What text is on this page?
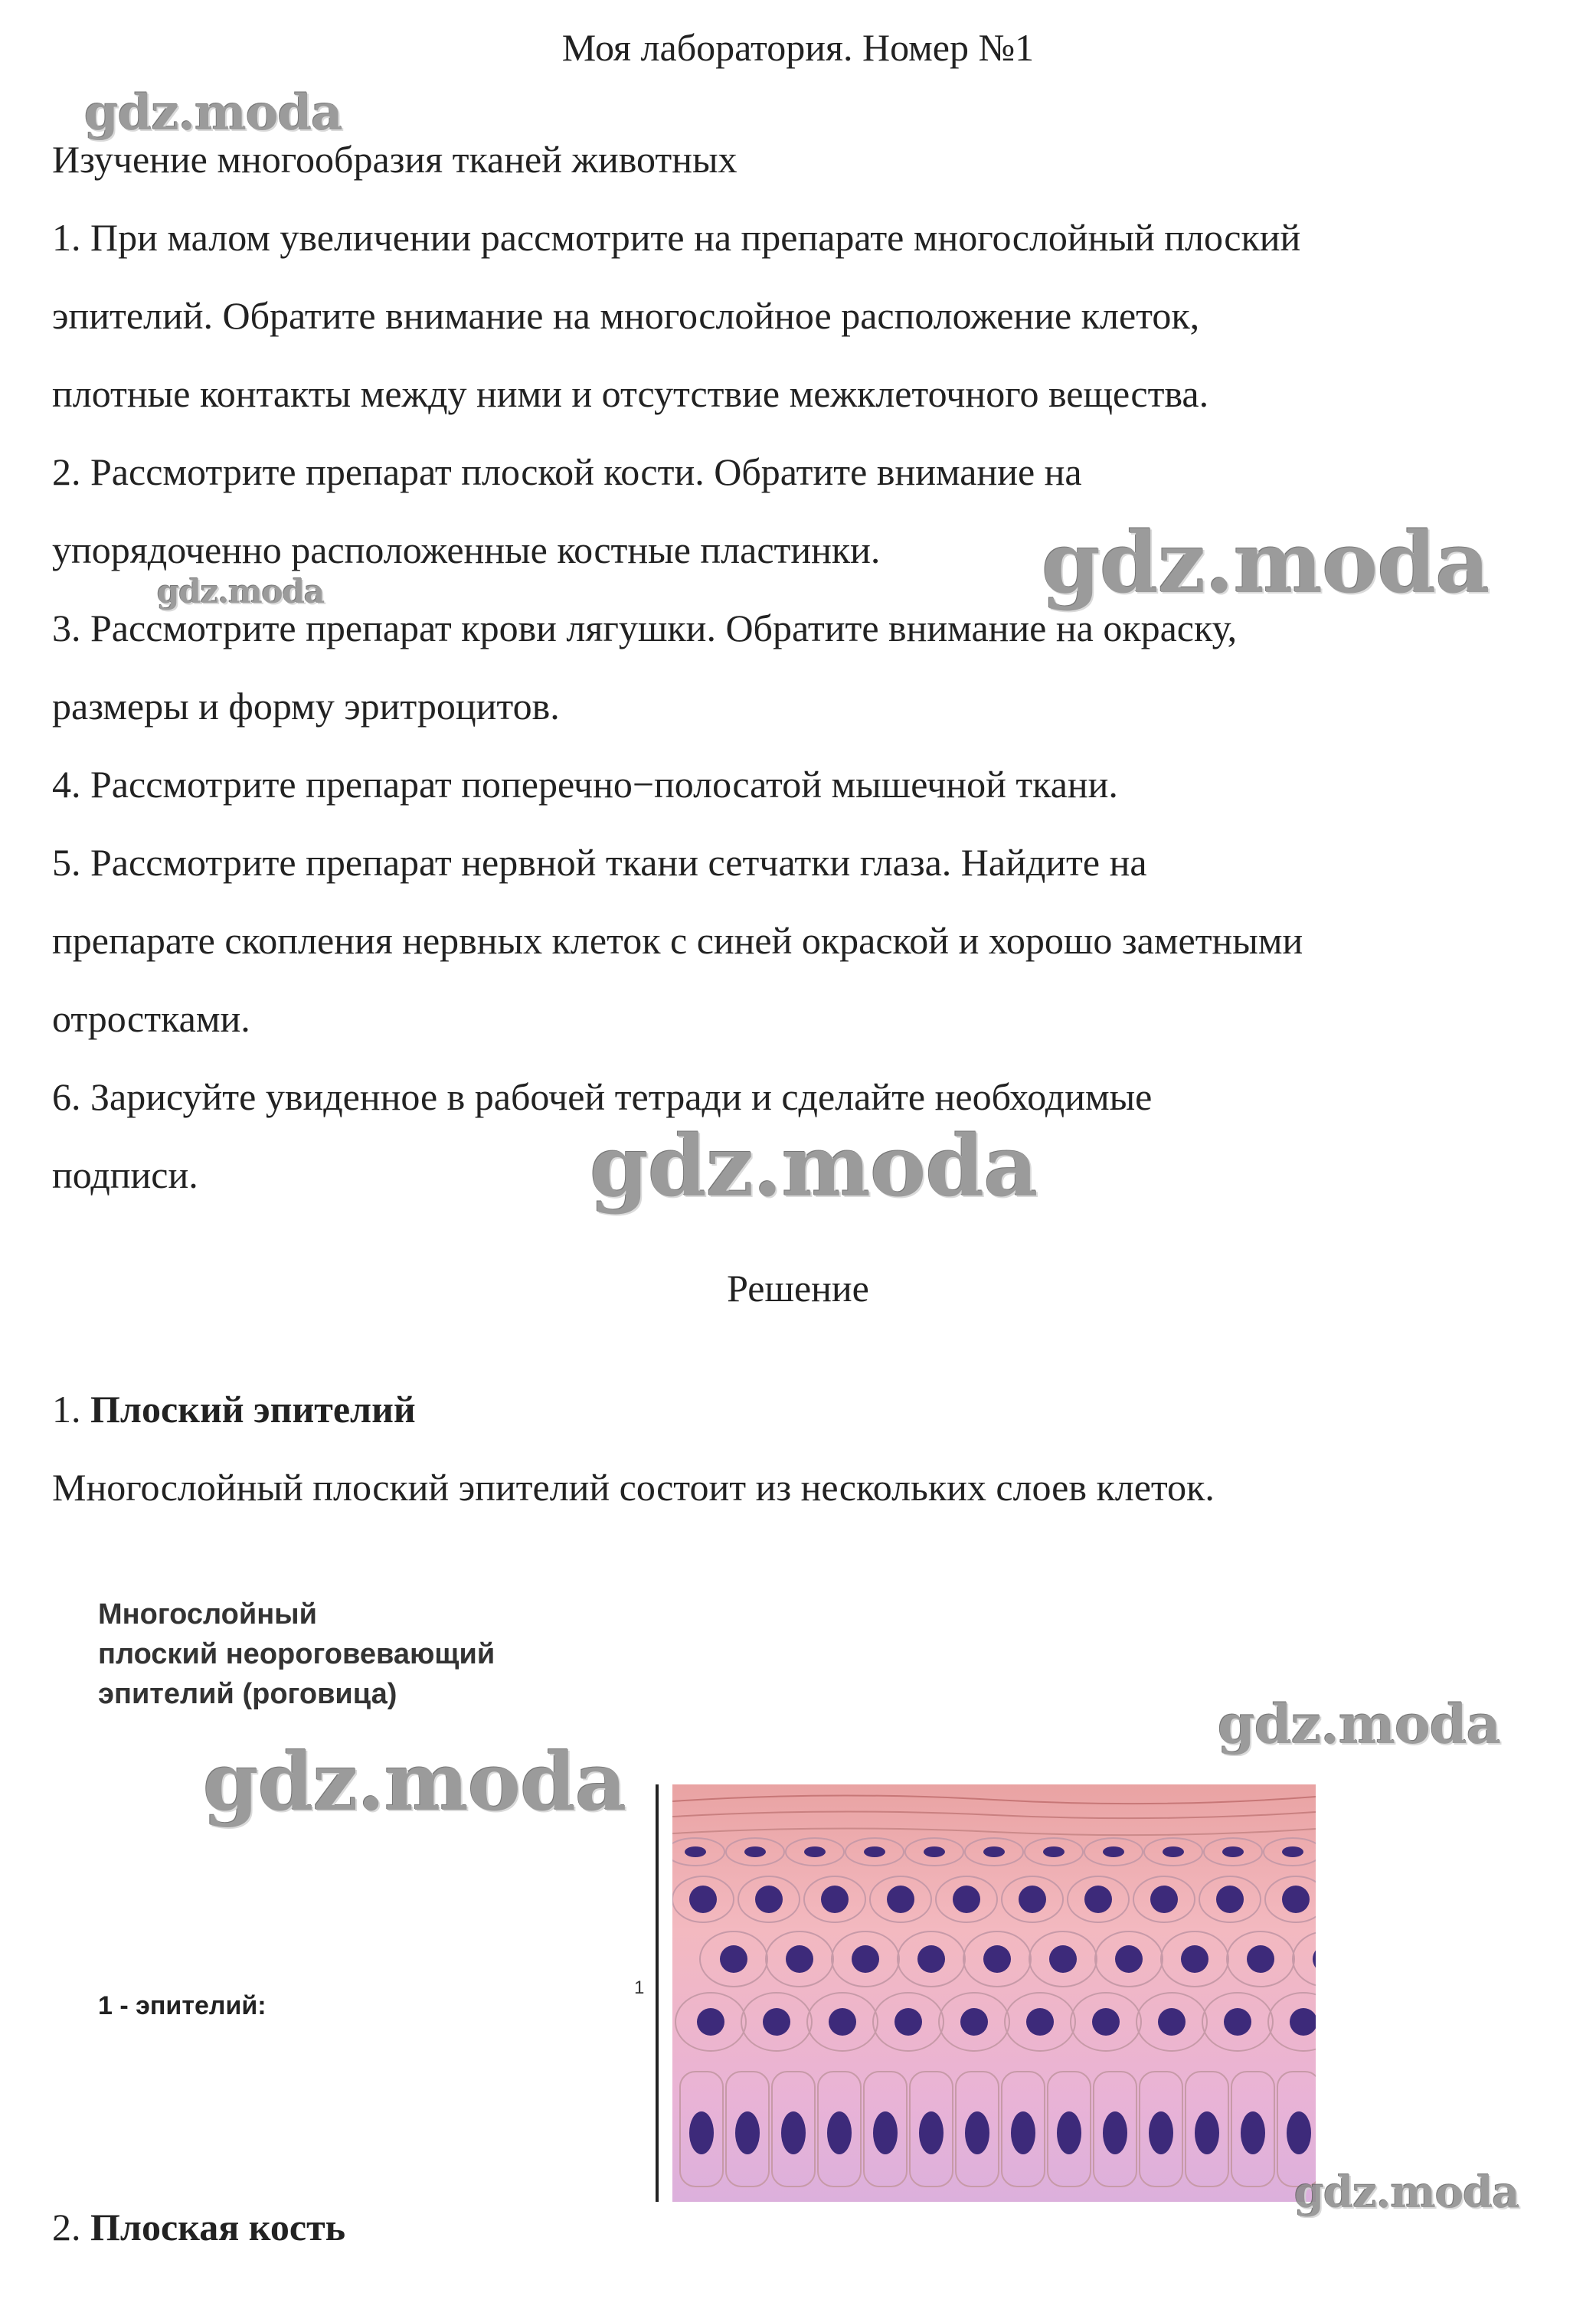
Моя лаборатория. Номер №1
Изучение многообразия тканей животных
1. При малом увеличении рассмотрите на препарате многослойный плоский
эпителий. Обратите внимание на многослойное расположение клеток,
плотные контакты между ними и отсутствие межклеточного вещества.
2. Рассмотрите препарат плоской кости. Обратите внимание на
упорядоченно расположенные костные пластинки.
3. Рассмотрите препарат крови лягушки. Обратите внимание на окраску,
размеры и форму эритроцитов.
4. Рассмотрите препарат поперечно−полосатой мышечной ткани.
5. Рассмотрите препарат нервной ткани сетчатки глаза. Найдите на
препарате скопления нервных клеток с синей окраской и хорошо заметными
отростками.
6. Зарисуйте увиденное в рабочей тетради и сделайте необходимые
подписи.
Решение
1. Плоский эпителий
Многослойный плоский эпителий состоит из нескольких слоев клеток.
Многослойный
плоский неороговевающий
эпителий (роговица)
1 - эпителий:
1
gdz.moda
gdz.moda
gdz.moda
gdz.moda
gdz.moda
gdz.moda
gdz.moda
2. Плоская кость
